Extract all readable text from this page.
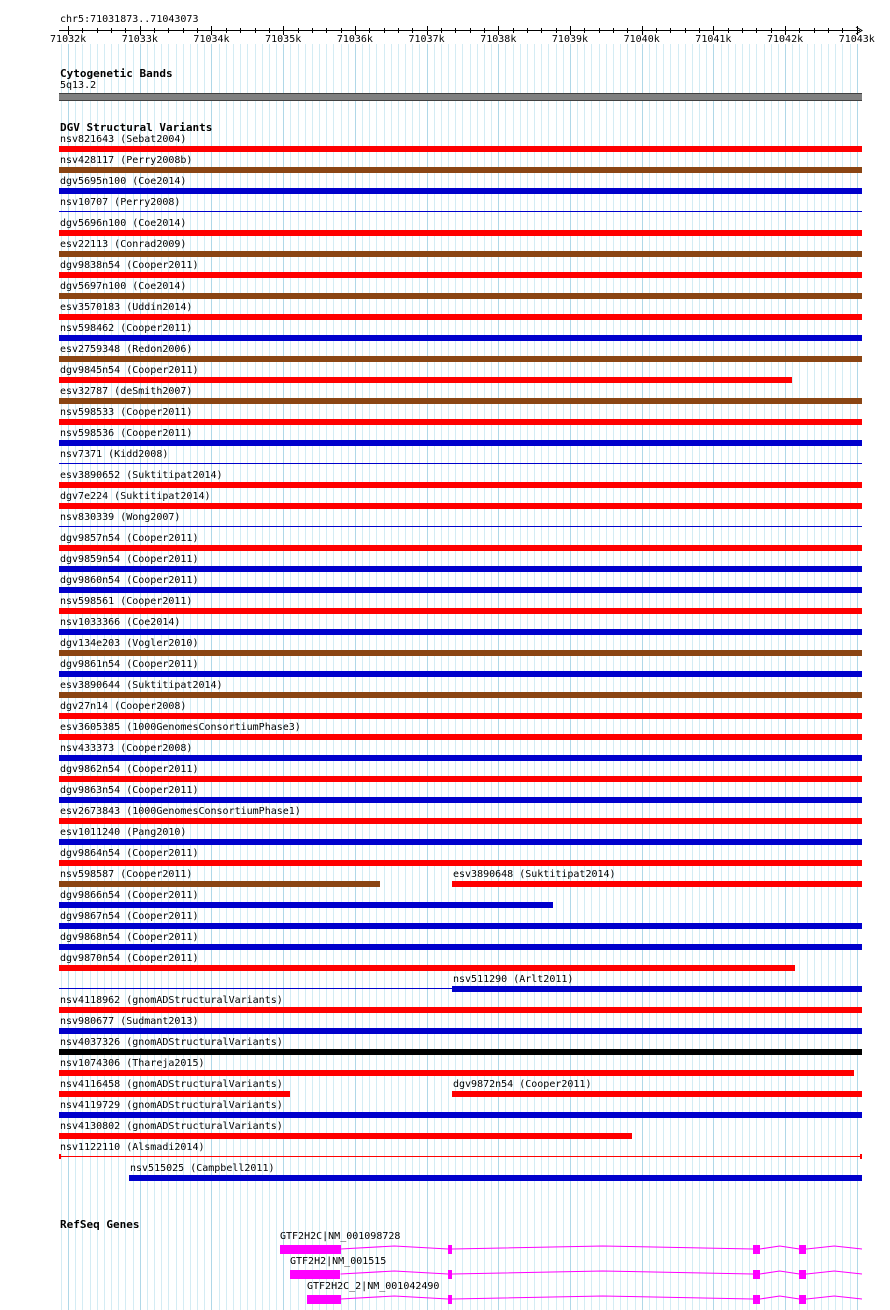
chr5:71031873..71043073
71032k	71033k	71034k	71035k	71036k	71037k	71038k	71039k	71040k	71041k	71042k	71043k
Cytogenetic Bands
5q13.2
DGV Structural Variants
nsv821643 (Sebat2004)
nsv428117 (Perry2008b)
dgv5695n100 (Coe2014)
nsv10707 (Perry2008)
dgv5696n100 (Coe2014)
esv22113 (Conrad2009)
dgv9838n54 (Cooper2011)
dgv5697n100 (Coe2014)
esv3570183 (Uddin2014)
nsv598462 (Cooper2011)
esv2759348 (Redon2006)
dgv9845n54 (Cooper2011)
esv32787 (deSmith2007)
nsv598533 (Cooper2011)
nsv598536 (Cooper2011)
nsv7371 (Kidd2008)
esv3890652 (Suktitipat2014)
dgv7e224 (Suktitipat2014)
nsv830339 (Wong2007)
dgv9857n54 (Cooper2011)
dgv9859n54 (Cooper2011)
dgv9860n54 (Cooper2011)
nsv598561 (Cooper2011)
nsv1033366 (Coe2014)
dgv134e203 (Vogler2010)
dgv9861n54 (Cooper2011)
esv3890644 (Suktitipat2014)
dgv27n14 (Cooper2008)
esv3605385 (1000GenomesConsortiumPhase3)
nsv433373 (Cooper2008)
dgv9862n54 (Cooper2011)
dgv9863n54 (Cooper2011)
esv2673843 (1000GenomesConsortiumPhase1)
esv1011240 (Pang2010)
dgv9864n54 (Cooper2011)
nsv598587 (Cooper2011)	esv3890648 (Suktitipat2014)
dgv9866n54 (Cooper2011)
dgv9867n54 (Cooper2011)
dgv9868n54 (Cooper2011)
dgv9870n54 (Cooper2011)
nsv511290 (Arlt2011)
nsv4118962 (gnomADStructuralVariants)
nsv980677 (Sudmant2013)
nsv4037326 (gnomADStructuralVariants)
nsv1074306 (Thareja2015)
nsv4116458 (gnomADStructuralVariants)	dgv9872n54 (Cooper2011)
nsv4119729 (gnomADStructuralVariants)
nsv4130802 (gnomADStructuralVariants)
nsv1122110 (Alsmadi2014)
nsv515025 (Campbell2011)
RefSeq Genes
GTF2H2C|NM_001098728
GTF2H2|NM_001515
GTF2H2C_2|NM_001042490
